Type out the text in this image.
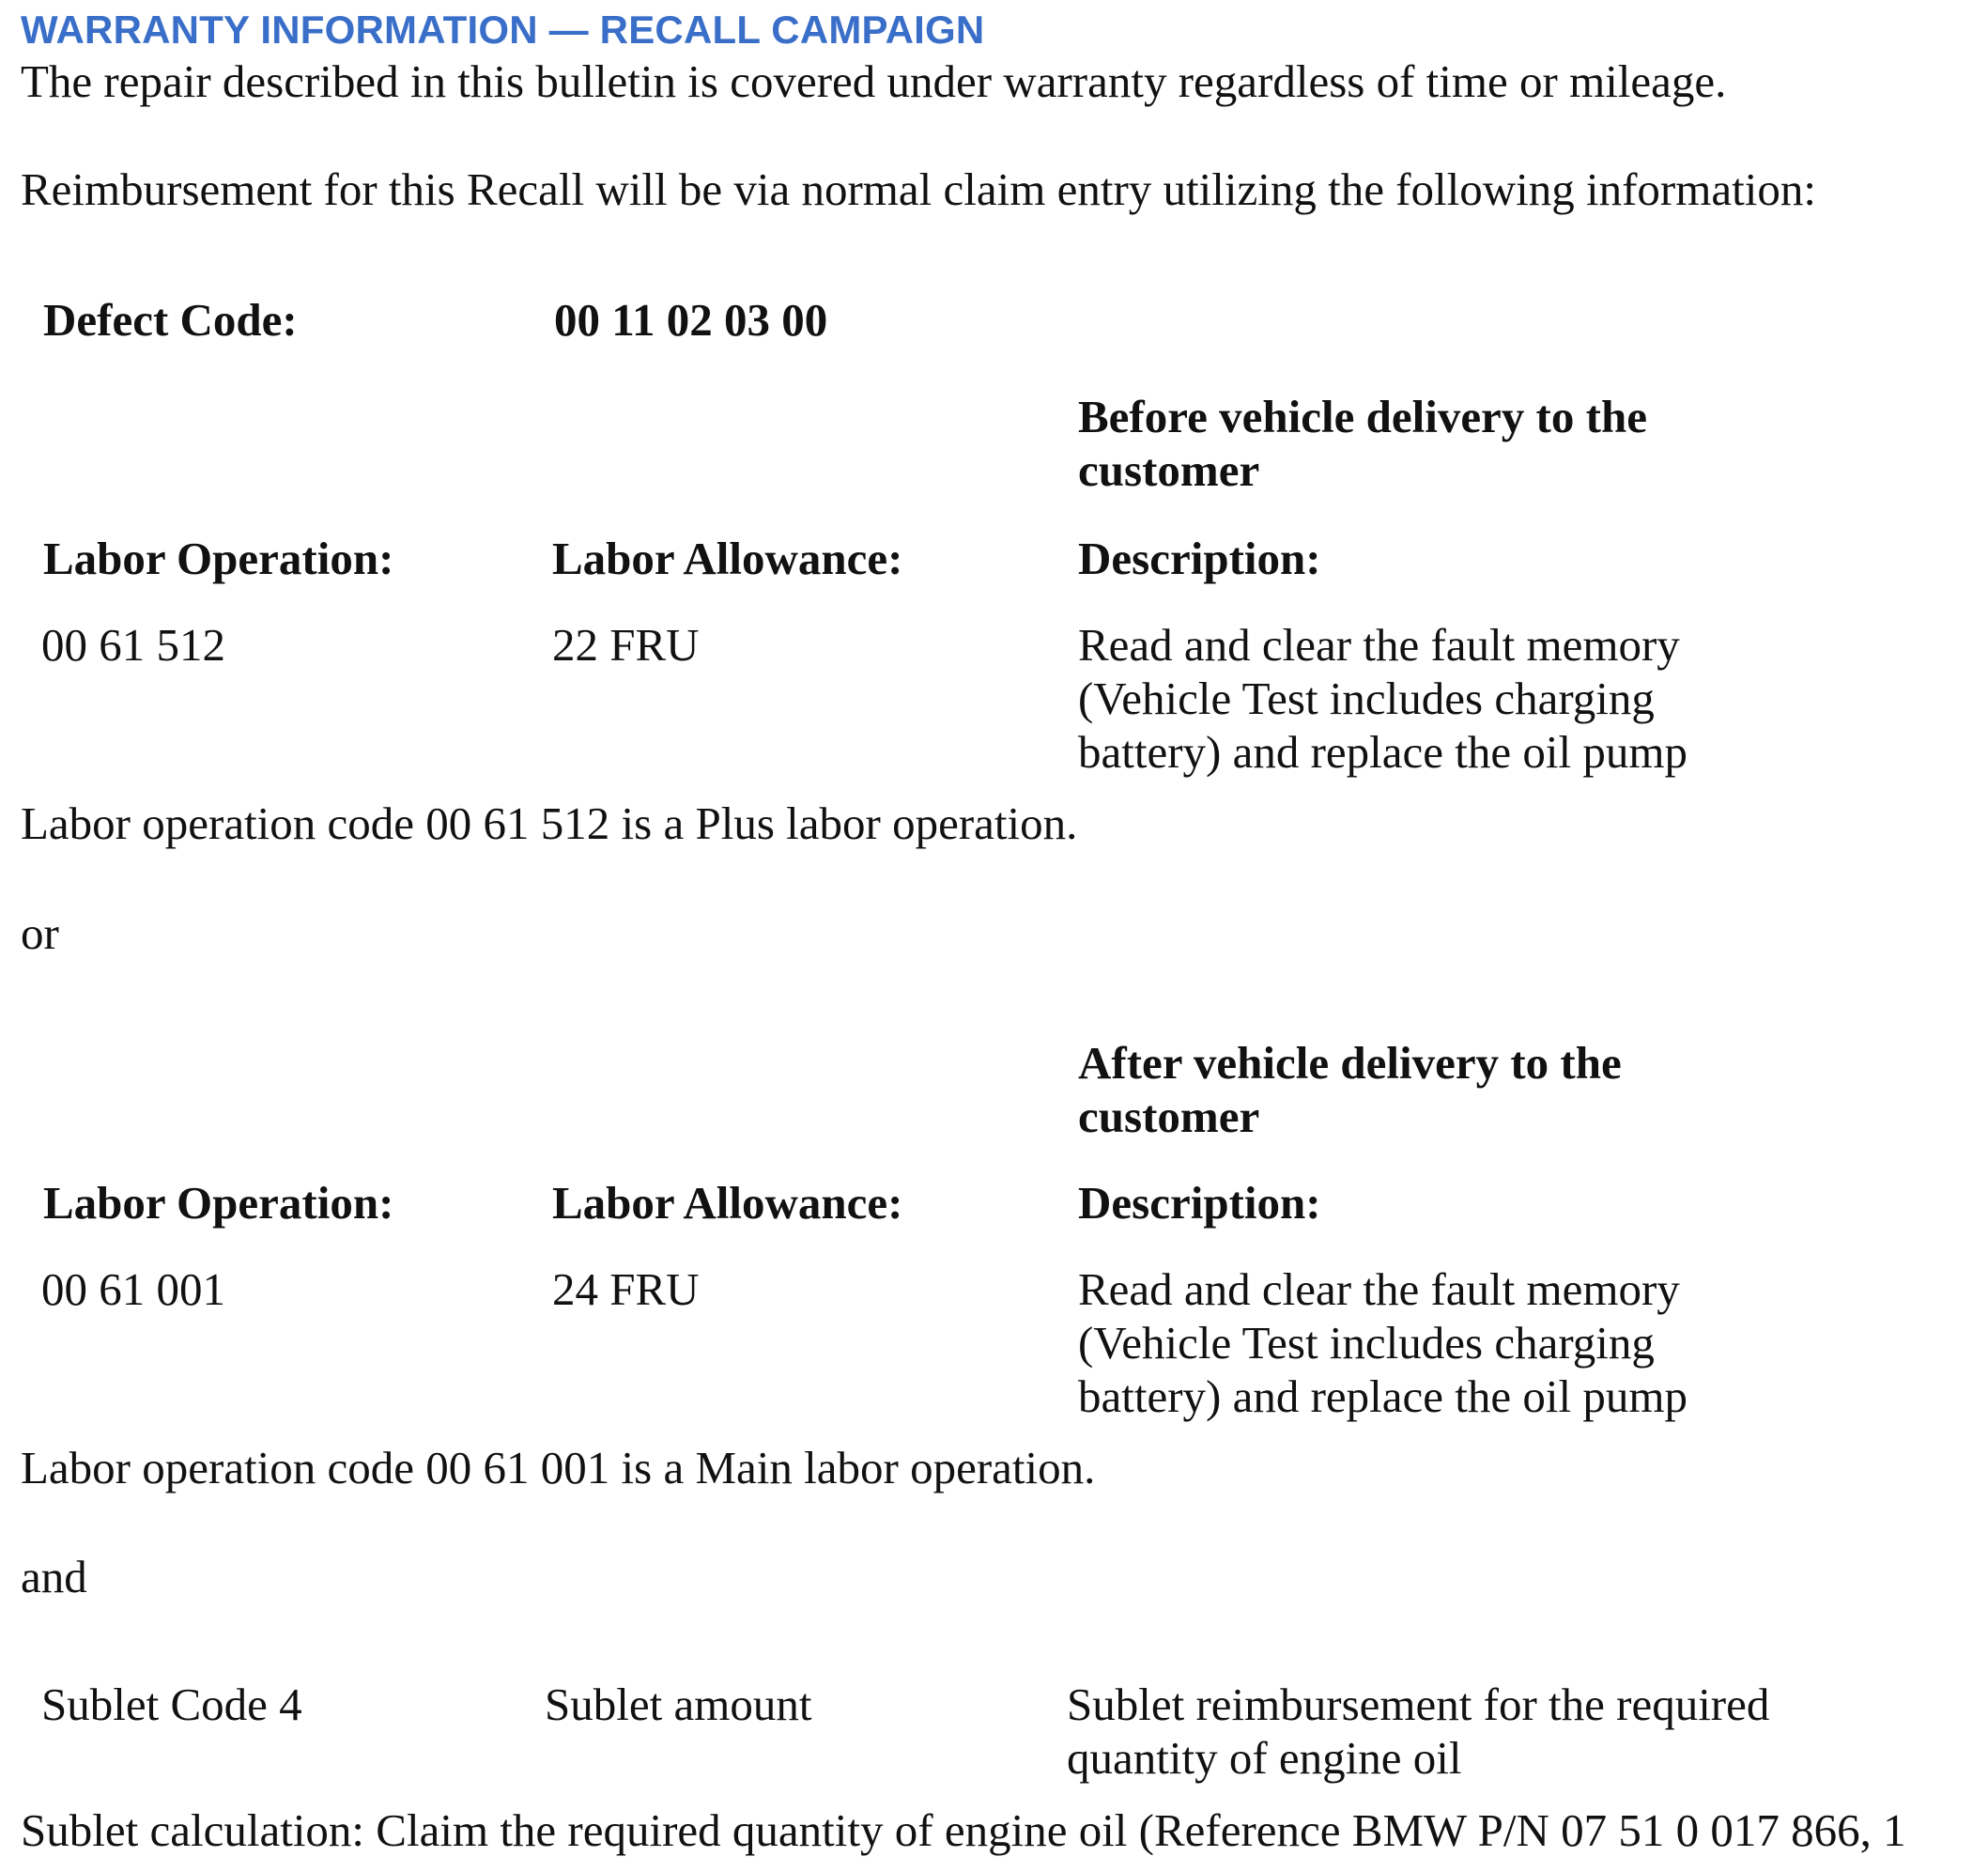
WARRANTY INFORMATION — RECALL CAMPAIGN
The repair described in this bulletin is covered under warranty regardless of time or mileage.
Reimbursement for this Recall will be via normal claim entry utilizing the following information:
Defect Code:	00 11 02 03 00
Before vehicle delivery to the
customer
Labor Operation:	Labor Allowance:	Description:
00 61 512	22 FRU	Read and clear the fault memory
(Vehicle Test includes charging
battery) and replace the oil pump
Labor operation code 00 61 512 is a Plus labor operation.
or
After vehicle delivery to the
customer
Labor Operation:	Labor Allowance:	Description:
00 61 001	24 FRU	Read and clear the fault memory
(Vehicle Test includes charging
battery) and replace the oil pump
Labor operation code 00 61 001 is a Main labor operation.
and
Sublet Code 4	Sublet amount	Sublet reimbursement for the required
quantity of engine oil
Sublet calculation: Claim the required quantity of engine oil (Reference BMW P/N 07 51 0 017 866, 1
